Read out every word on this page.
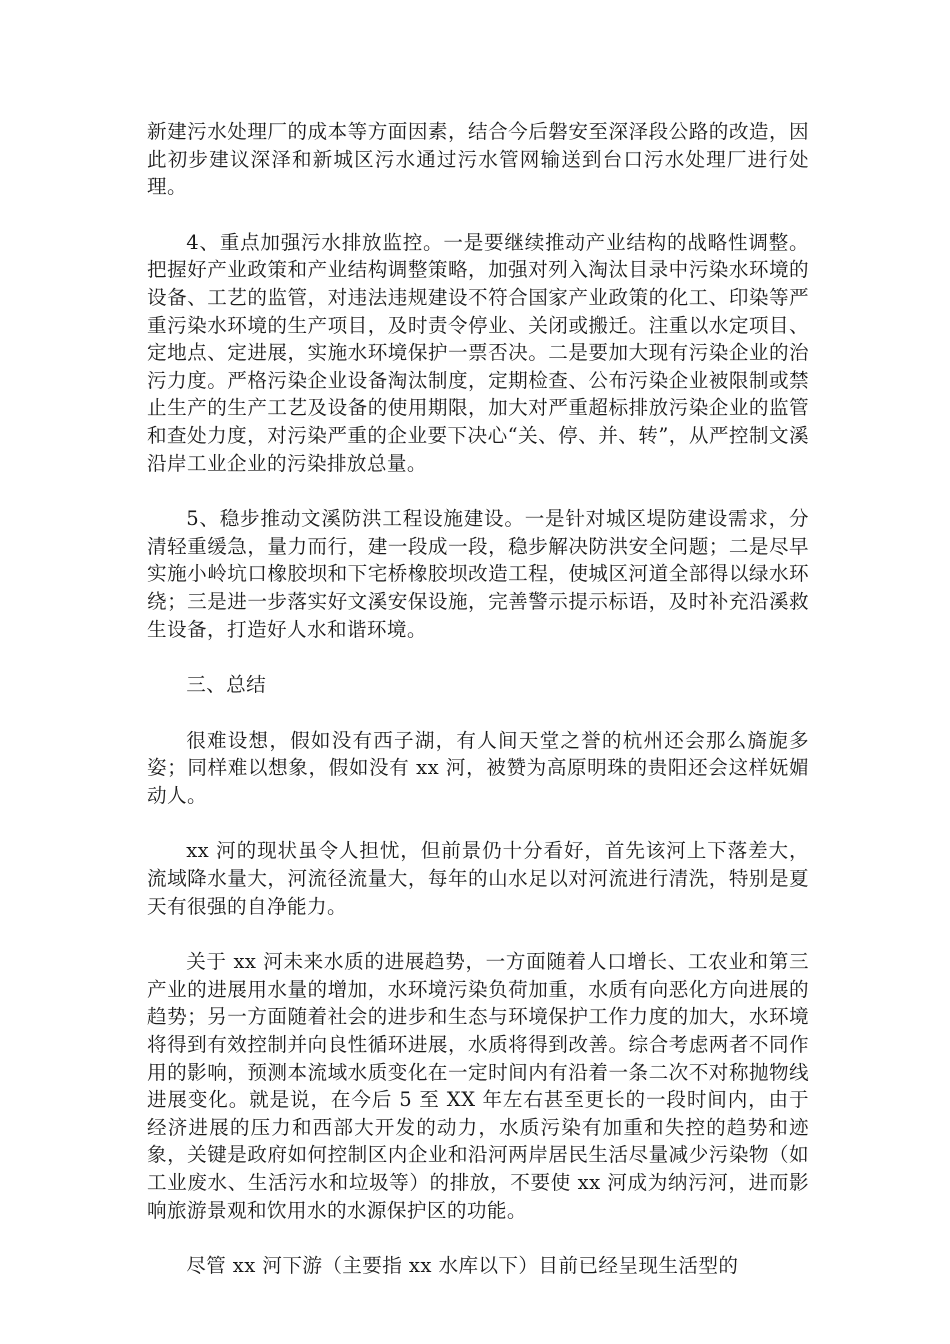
新建污水处理厂的成本等方面因素，结合今后磐安至深泽段公路的改造，因此初步建议深泽和新城区污水通过污水管网输送到台口污水处理厂进行处理。

4、重点加强污水排放监控。一是要继续推动产业结构的战略性调整。把握好产业政策和产业结构调整策略，加强对列入淘汰目录中污染水环境的设备、工艺的监管，对违法违规建设不符合国家产业政策的化工、印染等严重污染水环境的生产项目，及时责令停业、关闭或搬迁。注重以水定项目、定地点、定进展，实施水环境保护一票否决。二是要加大现有污染企业的治污力度。严格污染企业设备淘汰制度，定期检查、公布污染企业被限制或禁止生产的生产工艺及设备的使用期限，加大对严重超标排放污染企业的监管和查处力度，对污染严重的企业要下决心“关、停、并、转”，从严控制文溪沿岸工业企业的污染排放总量。

5、稳步推动文溪防洪工程设施建设。一是针对城区堤防建设需求，分清轻重缓急，量力而行，建一段成一段，稳步解决防洪安全问题；二是尽早实施小岭坑口橡胶坝和下宅桥橡胶坝改造工程，使城区河道全部得以绿水环绕；三是进一步落实好文溪安保设施，完善警示提示标语，及时补充沿溪救生设备，打造好人水和谐环境。

三、总结

很难设想，假如没有西子湖，有人间天堂之誉的杭州还会那么旖旎多姿；同样难以想象，假如没有 xx 河，被赞为高原明珠的贵阳还会这样妩媚动人。

xx 河的现状虽令人担忧，但前景仍十分看好，首先该河上下落差大，流域降水量大，河流径流量大，每年的山水足以对河流进行清洗，特别是夏天有很强的自净能力。

关于 xx 河未来水质的进展趋势，一方面随着人口增长、工农业和第三产业的进展用水量的增加，水环境污染负荷加重，水质有向恶化方向进展的趋势；另一方面随着社会的进步和生态与环境保护工作力度的加大，水环境将得到有效控制并向良性循环进展，水质将得到改善。综合考虑两者不同作用的影响，预测本流域水质变化在一定时间内有沿着一条二次不对称抛物线进展变化。就是说，在今后 5 至 XX 年左右甚至更长的一段时间内，由于经济进展的压力和西部大开发的动力，水质污染有加重和失控的趋势和迹象，关键是政府如何控制区内企业和沿河两岸居民生活尽量减少污染物（如工业废水、生活污水和垃圾等）的排放，不要使 xx 河成为纳污河，进而影响旅游景观和饮用水的水源保护区的功能。

尽管 xx 河下游（主要指 xx 水库以下）目前已经呈现生活型的
